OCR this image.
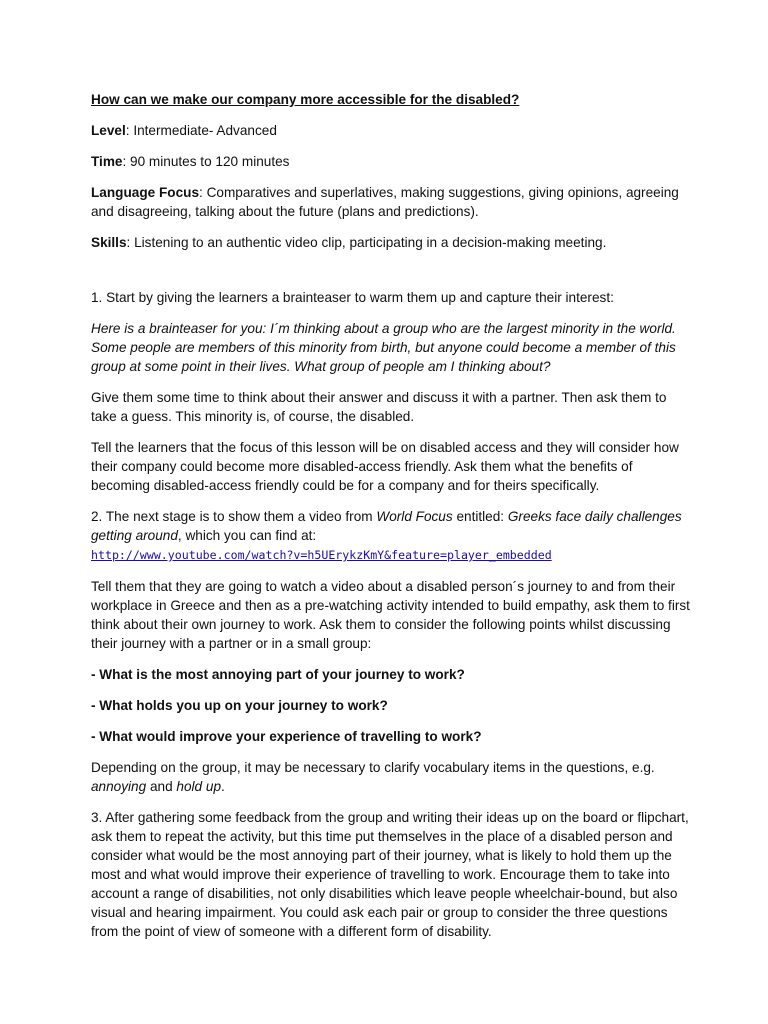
How can we make our company more accessible for the disabled?

Level: Intermediate- Advanced

Time: 90 minutes to 120 minutes

Language Focus: Comparatives and superlatives, making suggestions, giving opinions, agreeing and disagreeing, talking about the future (plans and predictions).

Skills: Listening to an authentic video clip, participating in a decision-making meeting.

1. Start by giving the learners a brainteaser to warm them up and capture their interest:

Here is a brainteaser for you: I´m thinking about a group who are the largest minority in the world. Some people are members of this minority from birth, but anyone could become a member of this group at some point in their lives. What group of people am I thinking about?

Give them some time to think about their answer and discuss it with a partner. Then ask them to take a guess. This minority is, of course, the disabled.

Tell the learners that the focus of this lesson will be on disabled access and they will consider how their company could become more disabled-access friendly. Ask them what the benefits of becoming disabled-access friendly could be for a company and for theirs specifically.

2. The next stage is to show them a video from World Focus entitled: Greeks face daily challenges getting around, which you can find at:
http://www.youtube.com/watch?v=h5UErykzKmY&feature=player_embedded

Tell them that they are going to watch a video about a disabled person´s journey to and from their workplace in Greece and then as a pre-watching activity intended to build empathy, ask them to first think about their own journey to work. Ask them to consider the following points whilst discussing their journey with a partner or in a small group:

- What is the most annoying part of your journey to work?

- What holds you up on your journey to work?

- What would improve your experience of travelling to work?

Depending on the group, it may be necessary to clarify vocabulary items in the questions, e.g. annoying and hold up.

3. After gathering some feedback from the group and writing their ideas up on the board or flipchart, ask them to repeat the activity, but this time put themselves in the place of a disabled person and consider what would be the most annoying part of their journey, what is likely to hold them up the most and what would improve their experience of travelling to work. Encourage them to take into account a range of disabilities, not only disabilities which leave people wheelchair-bound, but also visual and hearing impairment. You could ask each pair or group to consider the three questions from the point of view of someone with a different form of disability.
